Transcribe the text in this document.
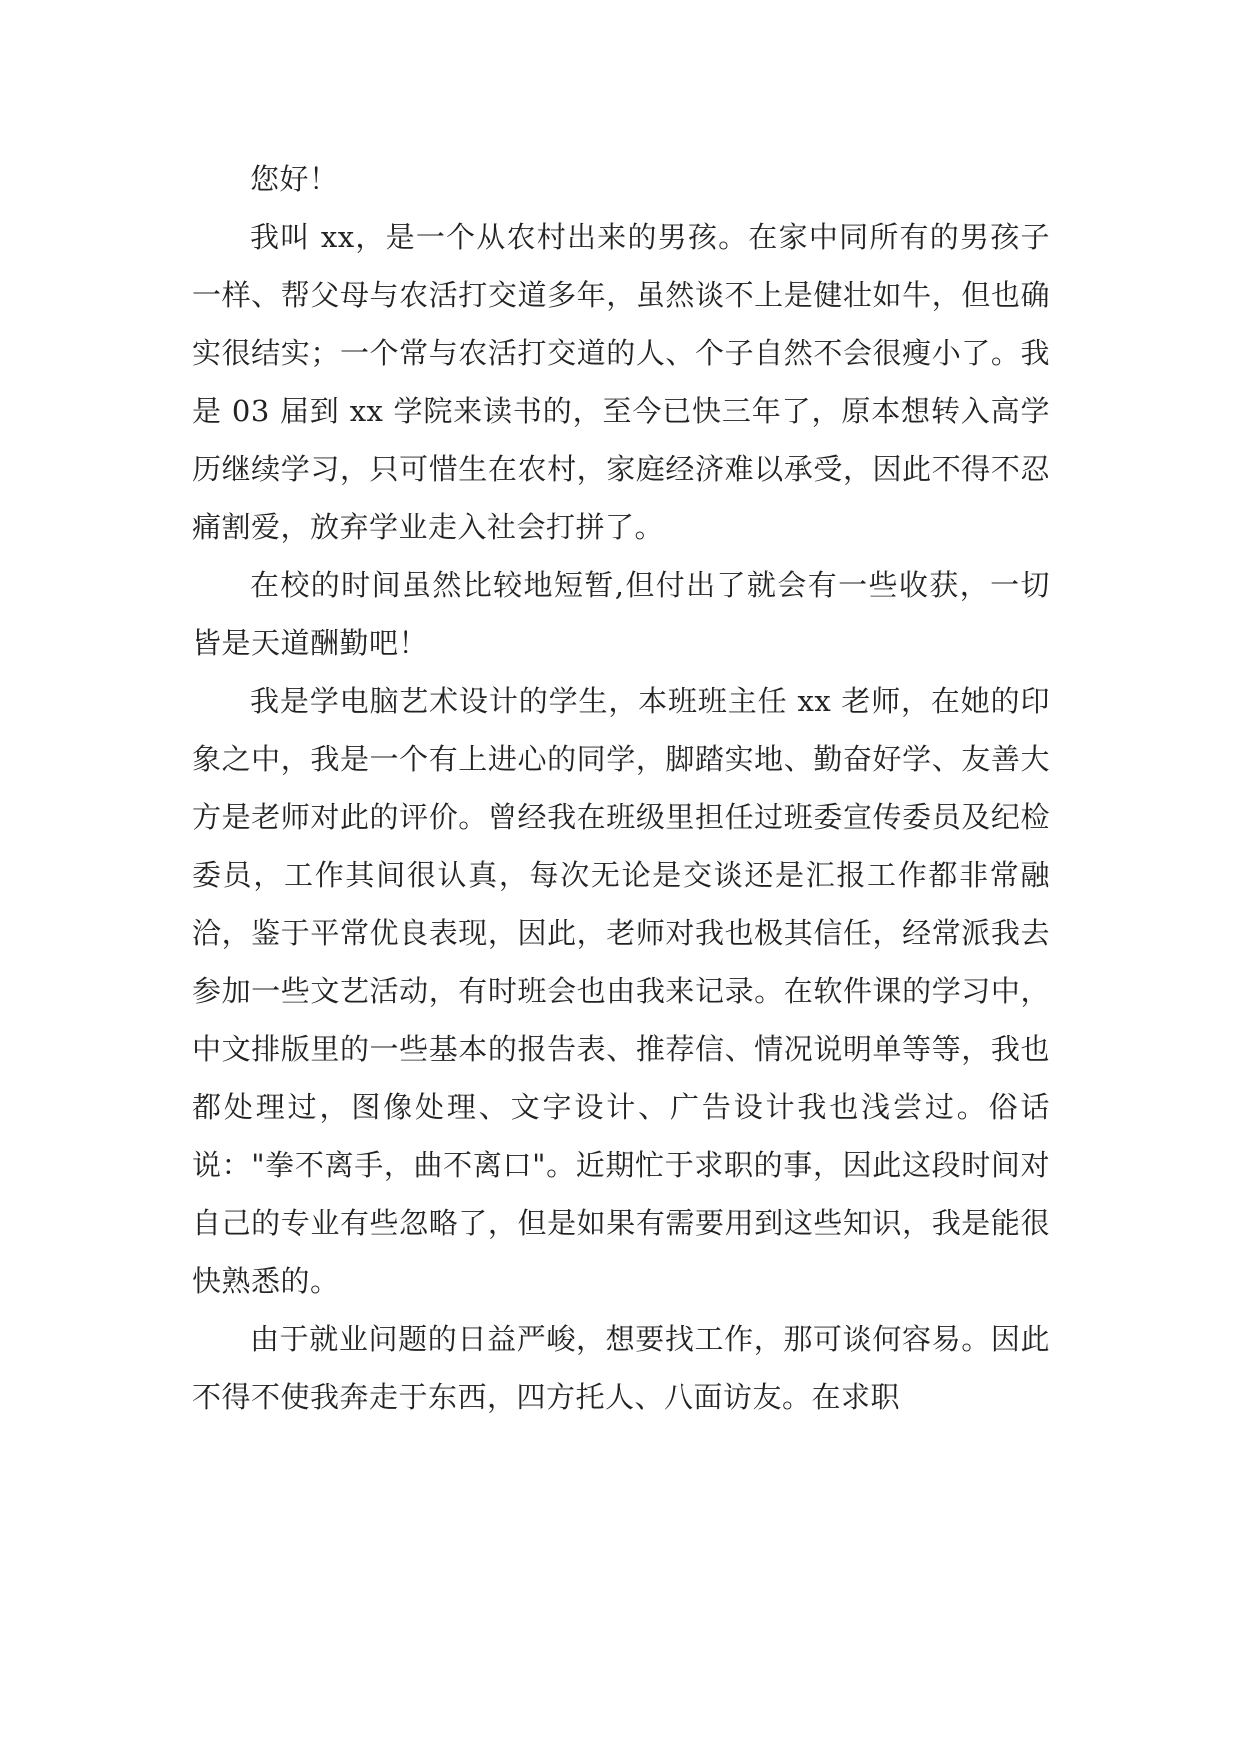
您好！

我叫 xx，是一个从农村出来的男孩。在家中同所有的男孩子一样、帮父母与农活打交道多年，虽然谈不上是健壮如牛，但也确实很结实；一个常与农活打交道的人、个子自然不会很瘦小了。我是 03 届到 xx 学院来读书的，至今已快三年了，原本想转入高学历继续学习，只可惜生在农村，家庭经济难以承受，因此不得不忍痛割爱，放弃学业走入社会打拼了。

在校的时间虽然比较地短暂,但付出了就会有一些收获，一切皆是天道酬勤吧！

我是学电脑艺术设计的学生，本班班主任 xx 老师，在她的印象之中，我是一个有上进心的同学，脚踏实地、勤奋好学、友善大方是老师对此的评价。曾经我在班级里担任过班委宣传委员及纪检委员，工作其间很认真，每次无论是交谈还是汇报工作都非常融洽，鉴于平常优良表现，因此，老师对我也极其信任，经常派我去参加一些文艺活动，有时班会也由我来记录。在软件课的学习中，中文排版里的一些基本的报告表、推荐信、情况说明单等等，我也都处理过，图像处理、文字设计、广告设计我也浅尝过。俗话说："拳不离手，曲不离口"。近期忙于求职的事，因此这段时间对自己的专业有些忽略了，但是如果有需要用到这些知识，我是能很快熟悉的。

由于就业问题的日益严峻，想要找工作，那可谈何容易。因此不得不使我奔走于东西，四方托人、八面访友。在求职
